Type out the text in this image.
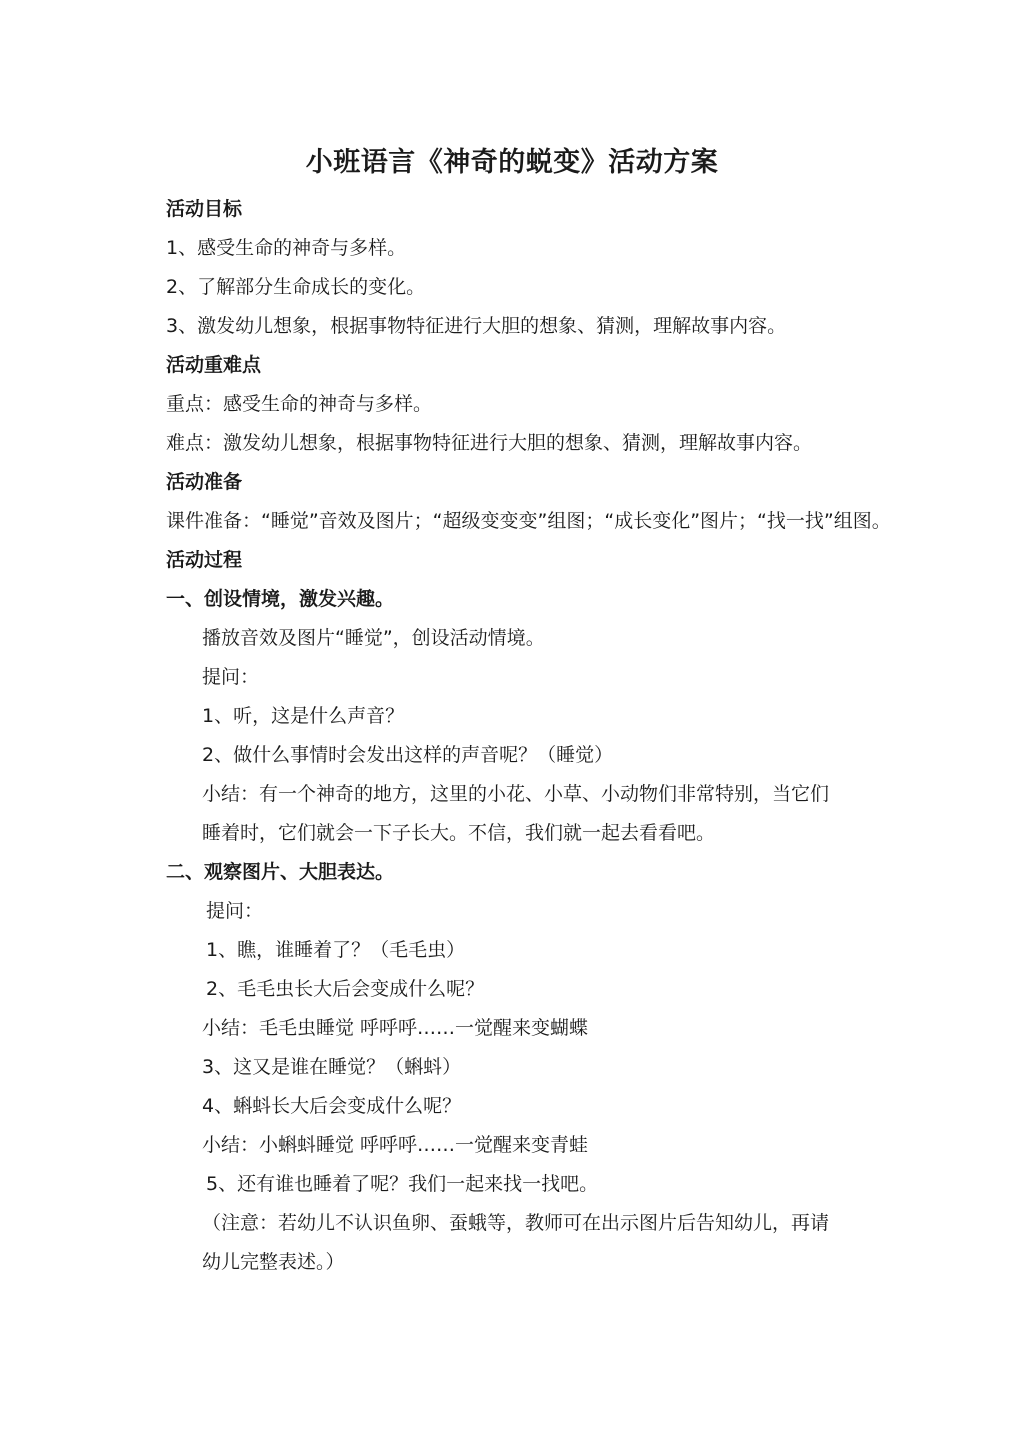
小班语言《神奇的蜕变》活动方案
活动目标
1、感受生命的神奇与多样。
2、了解部分生命成长的变化。
3、激发幼儿想象，根据事物特征进行大胆的想象、猜测，理解故事内容。
活动重难点
重点：感受生命的神奇与多样。
难点：激发幼儿想象，根据事物特征进行大胆的想象、猜测，理解故事内容。
活动准备
课件准备：“睡觉”音效及图片；“超级变变变”组图；“成长变化”图片；“找一找”组图。
活动过程
一、创设情境，激发兴趣。
播放音效及图片“睡觉”，创设活动情境。
提问：
1、听，这是什么声音？
2、做什么事情时会发出这样的声音呢？（睡觉）
小结：有一个神奇的地方，这里的小花、小草、小动物们非常特别，当它们
睡着时，它们就会一下子长大。不信，我们就一起去看看吧。
二、观察图片、大胆表达。
提问：
1、瞧，谁睡着了？（毛毛虫）
2、毛毛虫长大后会变成什么呢？
小结：毛毛虫睡觉 呼呼呼……一觉醒来变蝴蝶
3、这又是谁在睡觉？（蝌蚪）
4、蝌蚪长大后会变成什么呢？
小结：小蝌蚪睡觉 呼呼呼……一觉醒来变青蛙
5、还有谁也睡着了呢？我们一起来找一找吧。
（注意：若幼儿不认识鱼卵、蚕蛾等，教师可在出示图片后告知幼儿，再请
幼儿完整表述。）
